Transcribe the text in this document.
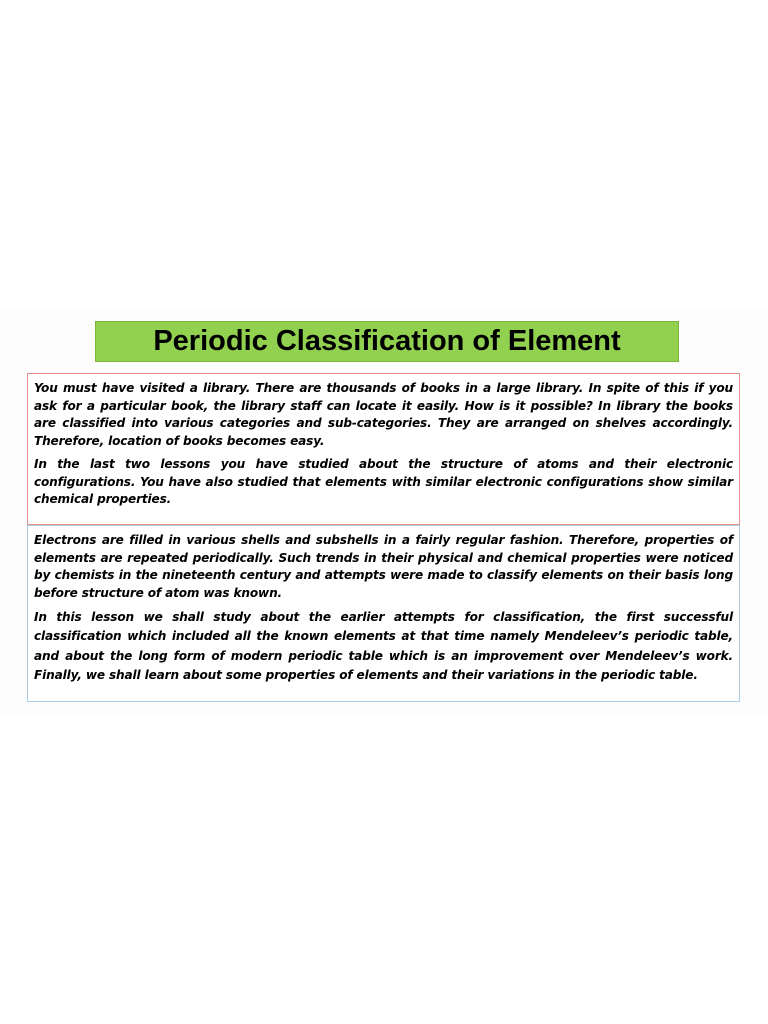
Periodic Classification of Element

You must have visited a library. There are thousands of books in a large library. In spite of this if you ask for a particular book, the library staff can locate it easily. How is it possible? In library the books are classified into various categories and sub-categories. They are arranged on shelves accordingly. Therefore, location of books becomes easy.

In the last two lessons you have studied about the structure of atoms and their electronic configurations. You have also studied that elements with similar electronic configurations show similar chemical properties.

Electrons are filled in various shells and subshells in a fairly regular fashion. Therefore, properties of elements are repeated periodically. Such trends in their physical and chemical properties were noticed by chemists in the nineteenth century and attempts were made to classify elements on their basis long before structure of atom was known.

In this lesson we shall study about the earlier attempts for classification, the first successful classification which included all the known elements at that time namely Mendeleev’s periodic table, and about the long form of modern periodic table which is an improvement over Mendeleev’s work. Finally, we shall learn about some properties of elements and their variations in the periodic table.
